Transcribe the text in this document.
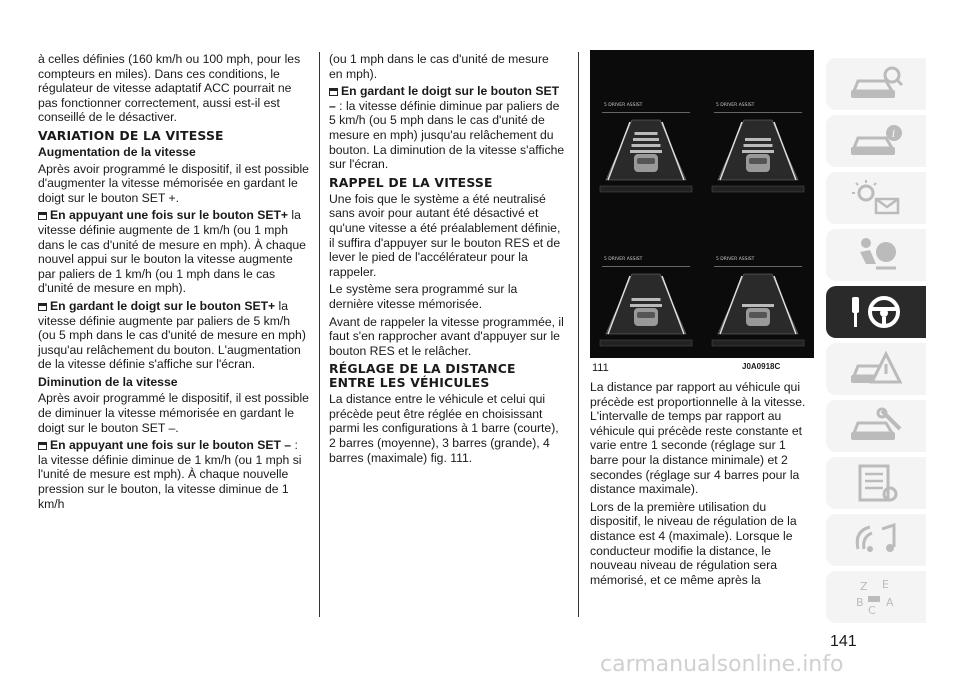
à celles définies (160 km/h ou 100 mph, pour les compteurs en miles). Dans ces conditions, le régulateur de vitesse adaptatif ACC pourrait ne pas fonctionner correctement, aussi est-il est conseillé de le désactiver.

VARIATION DE LA VITESSE
Augmentation de la vitesse

Après avoir programmé le dispositif, il est possible d'augmenter la vitesse mémorisée en gardant le doigt sur le bouton SET +.

En appuyant une fois sur le bouton SET+ la vitesse définie augmente de 1 km/h (ou 1 mph dans le cas d'unité de mesure en mph). À chaque nouvel appui sur le bouton la vitesse augmente par paliers de 1 km/h (ou 1 mph dans le cas d'unité de mesure en mph).

En gardant le doigt sur le bouton SET+ la vitesse définie augmente par paliers de 5 km/h (ou 5 mph dans le cas d'unité de mesure en mph) jusqu'au relâchement du bouton. L'augmentation de la vitesse définie s'affiche sur l'écran.

Diminution de la vitesse

Après avoir programmé le dispositif, il est possible de diminuer la vitesse mémorisée en gardant le doigt sur le bouton SET –.

En appuyant une fois sur le bouton SET – : la vitesse définie diminue de 1 km/h (ou 1 mph si l'unité de mesure est mph). À chaque nouvelle pression sur le bouton, la vitesse diminue de 1 km/h

(ou 1 mph dans le cas d'unité de mesure en mph).

En gardant le doigt sur le bouton SET – : la vitesse définie diminue par paliers de 5 km/h (ou 5 mph dans le cas d'unité de mesure en mph) jusqu'au relâchement du bouton. La diminution de la vitesse s'affiche sur l'écran.

RAPPEL DE LA VITESSE

Une fois que le système a été neutralisé sans avoir pour autant été désactivé et qu'une vitesse a été préalablement définie, il suffira d'appuyer sur le bouton RES et de lever le pied de l'accélérateur pour la rappeler.

Le système sera programmé sur la dernière vitesse mémorisée.

Avant de rappeler la vitesse programmée, il faut s'en rapprocher avant d'appuyer sur le bouton RES et le relâcher.

RÉGLAGE DE LA DISTANCE ENTRE LES VÉHICULES

La distance entre le véhicule et celui qui précède peut être réglée en choisissant parmi les configurations à 1 barre (courte), 2 barres (moyenne), 3 barres (grande), 4 barres (maximale) fig. 111.

5 DRIVER ASSIST	5 DRIVER ASSIST
5 DRIVER ASSIST	5 DRIVER ASSIST
111	J0A0918C

La distance par rapport au véhicule qui précède est proportionnelle à la vitesse. L'intervalle de temps par rapport au véhicule qui précède reste constante et varie entre 1 seconde (réglage sur 1 barre pour la distance minimale) et 2 secondes (réglage sur 4 barres pour la distance maximale).

Lors de la première utilisation du dispositif, le niveau de régulation de la distance est 4 (maximale). Lorsque le conducteur modifie la distance, le nouveau niveau de régulation sera mémorisé, et ce même après la

i
Z E
B
C
A
141
carmanualsonline.info
